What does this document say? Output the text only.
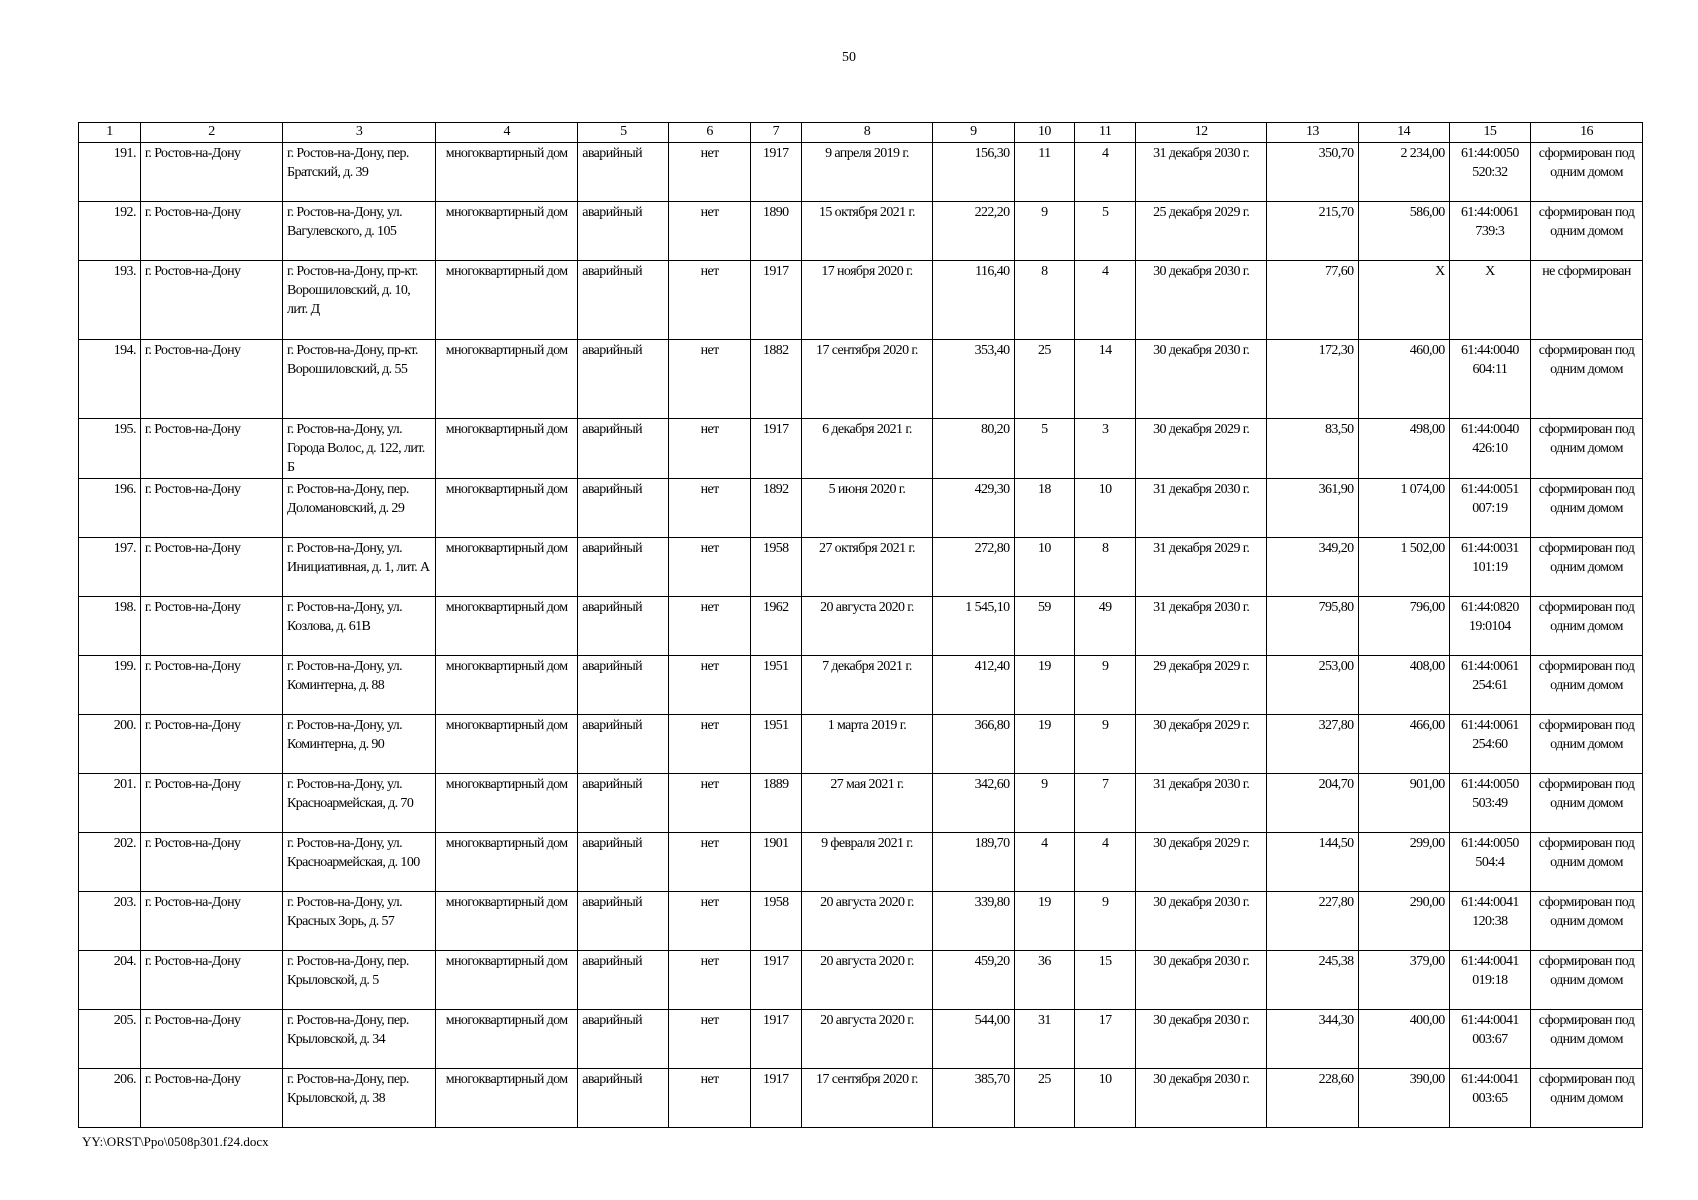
50
1	2	3	4	5	6	7	8	9	10	11	12	13	14	15	16
191.	г. Ростов-на-Дону	г. Ростов-на-Дону, пер. Братский, д. 39	многоквартирный дом	аварийный	нет	1917	9 апреля 2019 г.	156,30	11	4	31 декабря 2030 г.	350,70	2 234,00	61:44:0050 520:32	сформирован под одним домом
192.	г. Ростов-на-Дону	г. Ростов-на-Дону, ул. Вагулевского, д. 105	многоквартирный дом	аварийный	нет	1890	15 октября 2021 г.	222,20	9	5	25 декабря 2029 г.	215,70	586,00	61:44:0061 739:3	сформирован под одним домом
193.	г. Ростов-на-Дону	г. Ростов-на-Дону, пр-кт. Ворошиловский, д. 10, лит. Д	многоквартирный дом	аварийный	нет	1917	17 ноября 2020 г.	116,40	8	4	30 декабря 2030 г.	77,60	X	X	не сформирован
194.	г. Ростов-на-Дону	г. Ростов-на-Дону, пр-кт. Ворошиловский, д. 55	многоквартирный дом	аварийный	нет	1882	17 сентября 2020 г.	353,40	25	14	30 декабря 2030 г.	172,30	460,00	61:44:0040 604:11	сформирован под одним домом
195.	г. Ростов-на-Дону	г. Ростов-на-Дону, ул. Города Волос, д. 122, лит. Б	многоквартирный дом	аварийный	нет	1917	6 декабря 2021 г.	80,20	5	3	30 декабря 2029 г.	83,50	498,00	61:44:0040 426:10	сформирован под одним домом
196.	г. Ростов-на-Дону	г. Ростов-на-Дону, пер. Доломановский, д. 29	многоквартирный дом	аварийный	нет	1892	5 июня 2020 г.	429,30	18	10	31 декабря 2030 г.	361,90	1 074,00	61:44:0051 007:19	сформирован под одним домом
197.	г. Ростов-на-Дону	г. Ростов-на-Дону, ул. Инициативная, д. 1, лит. А	многоквартирный дом	аварийный	нет	1958	27 октября 2021 г.	272,80	10	8	31 декабря 2029 г.	349,20	1 502,00	61:44:0031 101:19	сформирован под одним домом
198.	г. Ростов-на-Дону	г. Ростов-на-Дону, ул. Козлова, д. 61В	многоквартирный дом	аварийный	нет	1962	20 августа 2020 г.	1 545,10	59	49	31 декабря 2030 г.	795,80	796,00	61:44:0820 19:0104	сформирован под одним домом
199.	г. Ростов-на-Дону	г. Ростов-на-Дону, ул. Коминтерна, д. 88	многоквартирный дом	аварийный	нет	1951	7 декабря 2021 г.	412,40	19	9	29 декабря 2029 г.	253,00	408,00	61:44:0061 254:61	сформирован под одним домом
200.	г. Ростов-на-Дону	г. Ростов-на-Дону, ул. Коминтерна, д. 90	многоквартирный дом	аварийный	нет	1951	1 марта 2019 г.	366,80	19	9	30 декабря 2029 г.	327,80	466,00	61:44:0061 254:60	сформирован под одним домом
201.	г. Ростов-на-Дону	г. Ростов-на-Дону, ул. Красноармейская, д. 70	многоквартирный дом	аварийный	нет	1889	27 мая 2021 г.	342,60	9	7	31 декабря 2030 г.	204,70	901,00	61:44:0050 503:49	сформирован под одним домом
202.	г. Ростов-на-Дону	г. Ростов-на-Дону, ул. Красноармейская, д. 100	многоквартирный дом	аварийный	нет	1901	9 февраля 2021 г.	189,70	4	4	30 декабря 2029 г.	144,50	299,00	61:44:0050 504:4	сформирован под одним домом
203.	г. Ростов-на-Дону	г. Ростов-на-Дону, ул. Красных Зорь, д. 57	многоквартирный дом	аварийный	нет	1958	20 августа 2020 г.	339,80	19	9	30 декабря 2030 г.	227,80	290,00	61:44:0041 120:38	сформирован под одним домом
204.	г. Ростов-на-Дону	г. Ростов-на-Дону, пер. Крыловской, д. 5	многоквартирный дом	аварийный	нет	1917	20 августа 2020 г.	459,20	36	15	30 декабря 2030 г.	245,38	379,00	61:44:0041 019:18	сформирован под одним домом
205.	г. Ростов-на-Дону	г. Ростов-на-Дону, пер. Крыловской, д. 34	многоквартирный дом	аварийный	нет	1917	20 августа 2020 г.	544,00	31	17	30 декабря 2030 г.	344,30	400,00	61:44:0041 003:67	сформирован под одним домом
206.	г. Ростов-на-Дону	г. Ростов-на-Дону, пер. Крыловской, д. 38	многоквартирный дом	аварийный	нет	1917	17 сентября 2020 г.	385,70	25	10	30 декабря 2030 г.	228,60	390,00	61:44:0041 003:65	сформирован под одним домом
YY:\ORST\Ppo\0508p301.f24.docx
